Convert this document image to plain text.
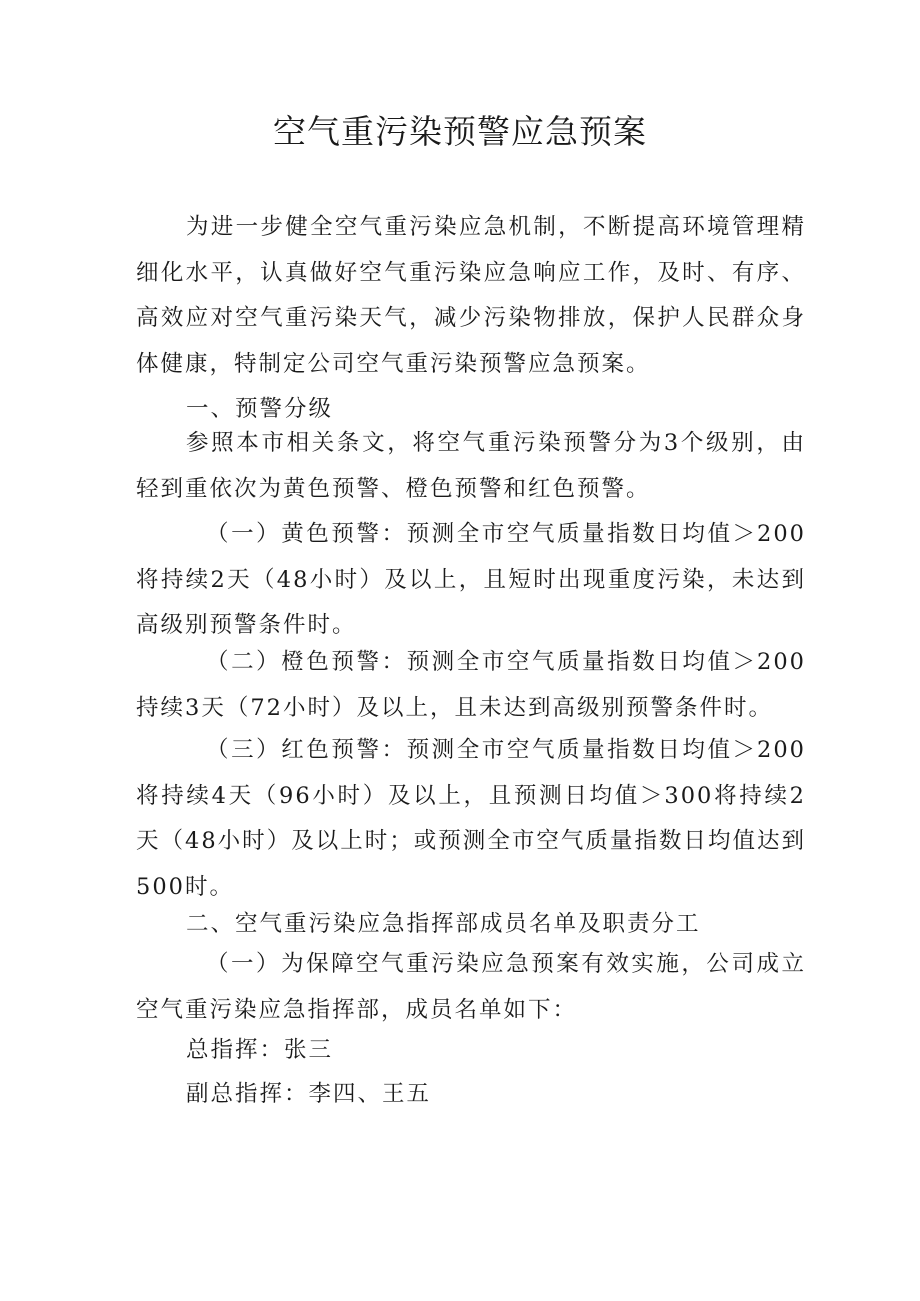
空气重污染预警应急预案

为进一步健全空气重污染应急机制，不断提高环境管理精细化水平，认真做好空气重污染应急响应工作，及时、有序、高效应对空气重污染天气，减少污染物排放，保护人民群众身体健康，特制定公司空气重污染预警应急预案。

一、预警分级

参照本市相关条文，将空气重污染预警分为3个级别，由轻到重依次为黄色预警、橙色预警和红色预警。

（一）黄色预警：预测全市空气质量指数日均值＞200将持续2天（48小时）及以上，且短时出现重度污染，未达到高级别预警条件时。

（二）橙色预警：预测全市空气质量指数日均值＞200持续3天（72小时）及以上，且未达到高级别预警条件时。

（三）红色预警：预测全市空气质量指数日均值＞200将持续4天（96小时）及以上，且预测日均值＞300将持续2天（48小时）及以上时；或预测全市空气质量指数日均值达到500时。

二、空气重污染应急指挥部成员名单及职责分工

（一）为保障空气重污染应急预案有效实施，公司成立空气重污染应急指挥部，成员名单如下：

总指挥：张三

副总指挥：李四、王五
